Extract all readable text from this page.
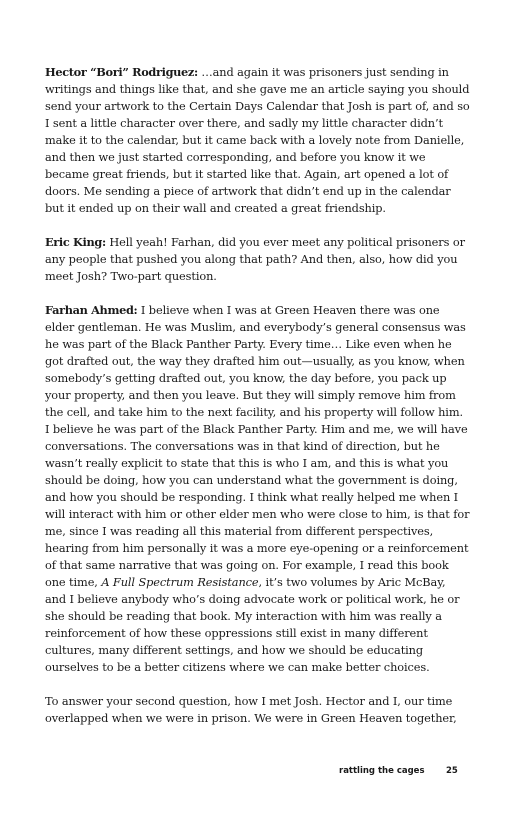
Hector “Bori” Rodriguez: …and again it was prisoners just sending in writings and things like that, and she gave me an article saying you should send your artwork to the Certain Days Calendar that Josh is part of, and so I sent a little character over there, and sadly my little character didn’t make it to the calendar, but it came back with a lovely note from Danielle, and then we just started corresponding, and before you know it we became great friends, but it started like that. Again, art opened a lot of doors. Me sending a piece of artwork that didn’t end up in the calendar but it ended up on their wall and created a great friendship.

Eric King: Hell yeah! Farhan, did you ever meet any political prisoners or any people that pushed you along that path? And then, also, how did you meet Josh? Two-part question.

Farhan Ahmed: I believe when I was at Green Heaven there was one elder gentleman. He was Muslim, and everybody’s general consensus was he was part of the Black Panther Party. Every time… Like even when he got drafted out, the way they drafted him out—usually, as you know, when somebody’s getting drafted out, you know, the day before, you pack up your property, and then you leave. But they will simply remove him from the cell, and take him to the next facility, and his property will follow him. I believe he was part of the Black Panther Party. Him and me, we will have conversations. The conversations was in that kind of direction, but he wasn’t really explicit to state that this is who I am, and this is what you should be doing, how you can understand what the government is doing, and how you should be responding. I think what really helped me when I will interact with him or other elder men who were close to him, is that for me, since I was reading all this material from different perspectives, hearing from him personally it was a more eye-opening or a reinforcement of that same narrative that was going on. For example, I read this book one time, A Full Spectrum Resistance, it’s two volumes by Aric McBay, and I believe anybody who’s doing advocate work or political work, he or she should be reading that book. My interaction with him was really a reinforcement of how these oppressions still exist in many different cultures, many different settings, and how we should be educating ourselves to be a better citizens where we can make better choices.

To answer your second question, how I met Josh. Hector and I, our time overlapped when we were in prison. We were in Green Heaven together,

rattling the cages	25
